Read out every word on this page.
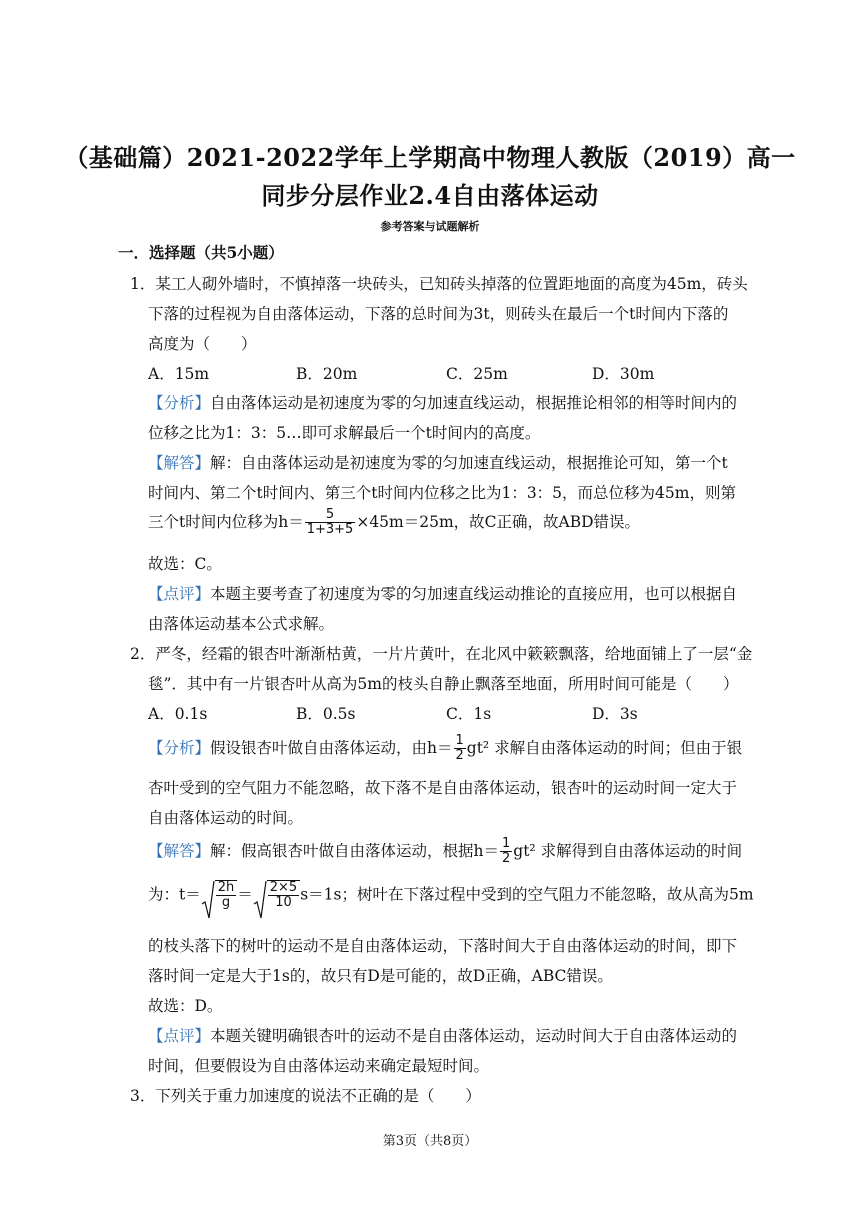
（基础篇）2021-2022学年上学期高中物理人教版（2019）高一
同步分层作业2.4自由落体运动
参考答案与试题解析
一．选择题（共5小题）
1．某工人砌外墙时，不慎掉落一块砖头，已知砖头掉落的位置距地面的高度为45m，砖头
下落的过程视为自由落体运动，下落的总时间为3t，则砖头在最后一个t时间内下落的
高度为（　　）
A．15m	B．20m	C．25m	D．30m
【分析】自由落体运动是初速度为零的匀加速直线运动，根据推论相邻的相等时间内的
位移之比为1：3：5…即可求解最后一个t时间内的高度。
【解答】解：自由落体运动是初速度为零的匀加速直线运动，根据推论可知，第一个t
时间内、第二个t时间内、第三个t时间内位移之比为1：3：5，而总位移为45m，则第
三个t时间内位移为$h= \frac{5}{1+3+5} \times 45m=25m$，故C正确，故ABD错误。
故选：C。
【点评】本题主要考查了初速度为零的匀加速直线运动推论的直接应用，也可以根据自
由落体运动基本公式求解。
2．严冬，经霜的银杏叶渐渐枯黄，一片片黄叶，在北风中簌簌飘落，给地面铺上了一层“金
毯”．其中有一片银杏叶从高为5m的枝头自静止飘落至地面，所用时间可能是（　　）
A．0.1s	B．0.5s	C．1s	D．3s
【分析】假设银杏叶做自由落体运动，由$h= \frac{1}{2} gt^2$ 求解自由落体运动的时间；但由于银
杏叶受到的空气阻力不能忽略，故下落不是自由落体运动，银杏叶的运动时间一定大于
自由落体运动的时间。
【解答】解：假高银杏叶做自由落体运动，根据$h= \frac{1}{2} gt^2$ 求解得到自由落体运动的时间
为：$t= \frac{2h}{g} = \frac{2\times 5}{10} s=1s$；树叶在下落过程中受到的空气阻力不能忽略，故从高为5m
的枝头落下的树叶的运动不是自由落体运动，下落时间大于自由落体运动的时间，即下
落时间一定是大于1s的，故只有D是可能的，故D正确，ABC错误。
故选：D。
【点评】本题关键明确银杏叶的运动不是自由落体运动，运动时间大于自由落体运动的
时间，但要假设为自由落体运动来确定最短时间。
3．下列关于重力加速度的说法不正确的是（　　）
第3页（共8页）
